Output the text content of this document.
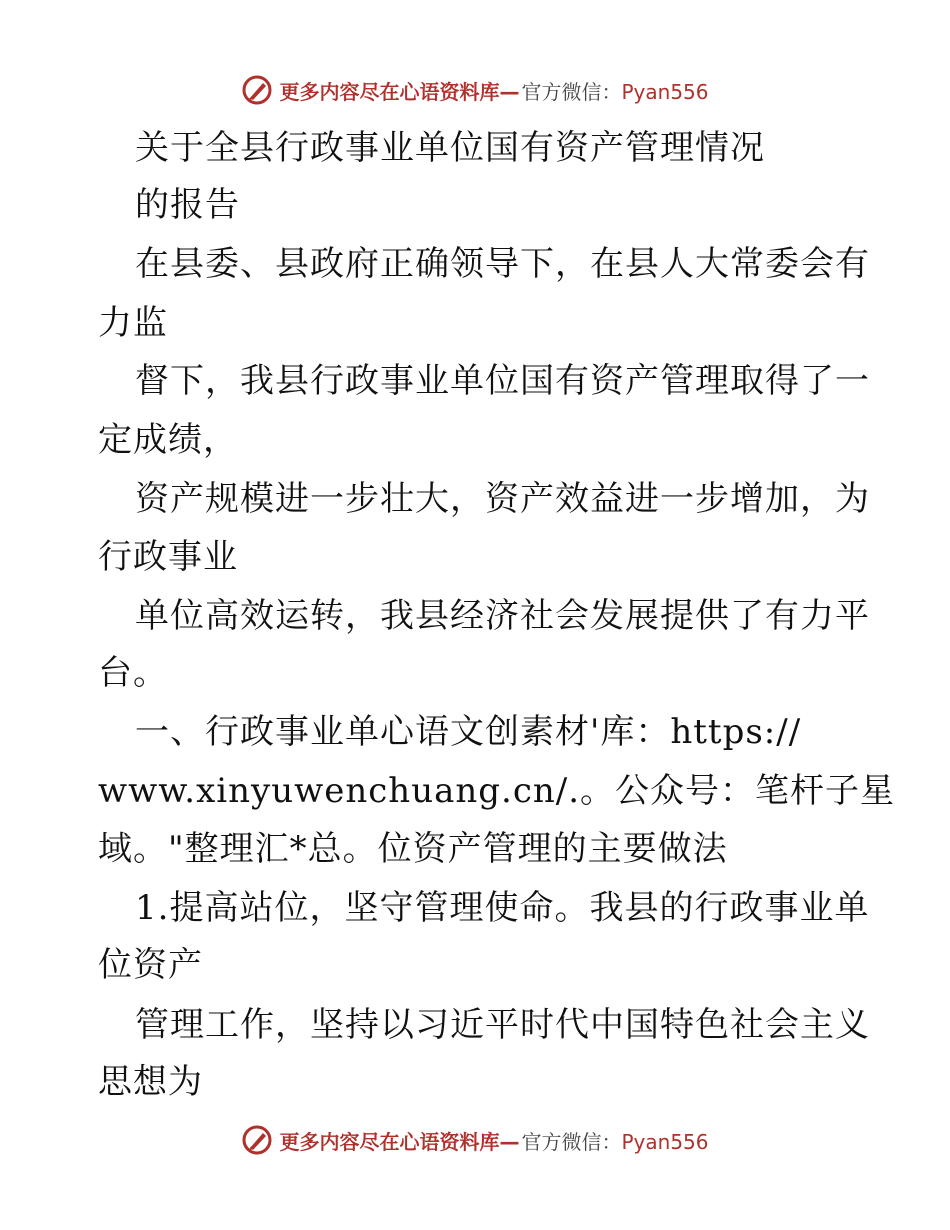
更多内容尽在心语资料库— 官方微信：Pyan556
关于全县行政事业单位国有资产管理情况
的报告
在县委、县政府正确领导下，在县人大常委会有
力监
督下，我县行政事业单位国有资产管理取得了一
定成绩，
资产规模进一步壮大，资产效益进一步增加，为
行政事业
单位高效运转，我县经济社会发展提供了有力平
台。
一、行政事业单心语文创素材'库：https://
www.xinyuwenchuang.cn/.。公众号：笔杆子星
域。"整理汇*总。位资产管理的主要做法
1.提高站位，坚守管理使命。我县的行政事业单
位资产
管理工作，坚持以习近平时代中国特色社会主义
思想为
更多内容尽在心语资料库— 官方微信：Pyan556
